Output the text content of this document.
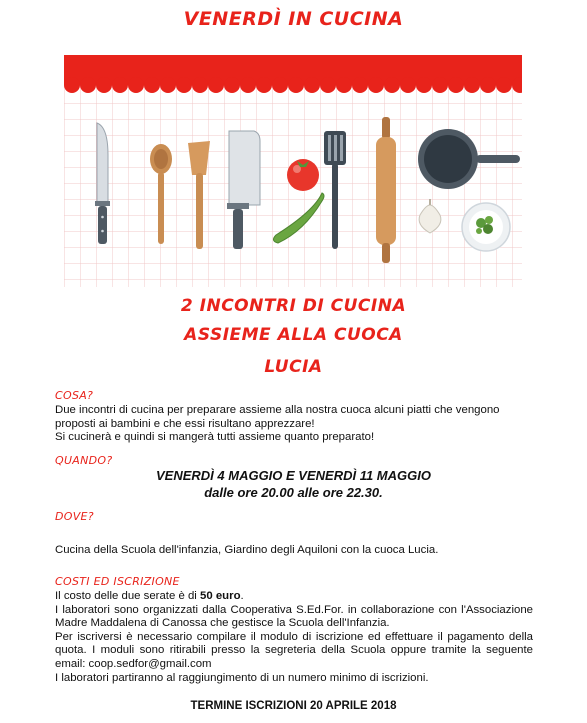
VENERDÌ IN CUCINA
2 INCONTRI DI CUCINA
ASSIEME ALLA CUOCA
LUCIA
COSA?
Due incontri di cucina per preparare assieme alla nostra cuoca alcuni piatti che vengono
proposti ai bambini e che essi risultano apprezzare!
Si cucinerà e quindi si mangerà tutti assieme quanto preparato!
QUANDO?
VENERDÌ 4 MAGGIO E VENERDÌ 11 MAGGIO
dalle ore 20.00 alle ore 22.30.
DOVE?
Cucina della Scuola dell'infanzia, Giardino degli Aquiloni con la cuoca Lucia.
COSTI ED ISCRIZIONE
Il costo delle due serate è di 50 euro.
I laboratori sono organizzati dalla Cooperativa S.Ed.For. in collaborazione con l'Associazione Madre Maddalena di Canossa che gestisce la Scuola dell'Infanzia.
Per iscriversi è necessario compilare il modulo di iscrizione ed effettuare il pagamento della quota. I moduli sono ritirabili presso la segreteria della Scuola oppure tramite la seguente email: coop.sedfor@gmail.com
I laboratori partiranno al raggiungimento di un numero minimo di iscrizioni.
TERMINE ISCRIZIONI 20 APRILE 2018
